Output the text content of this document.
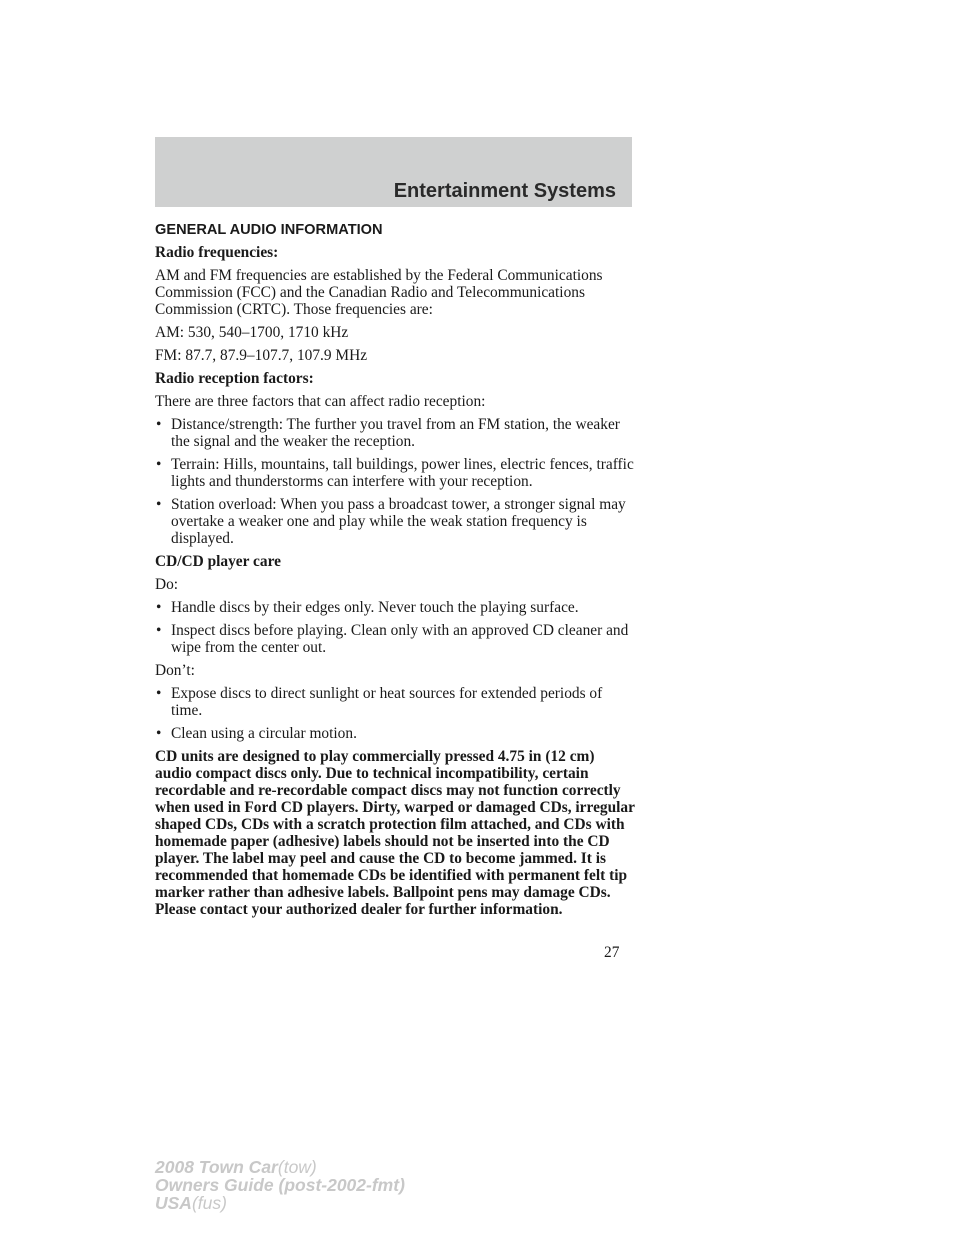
Entertainment Systems
GENERAL AUDIO INFORMATION
Radio frequencies:
AM and FM frequencies are established by the Federal Communications Commission (FCC) and the Canadian Radio and Telecommunications Commission (CRTC). Those frequencies are:
AM: 530, 540–1700, 1710 kHz
FM: 87.7, 87.9–107.7, 107.9 MHz
Radio reception factors:
There are three factors that can affect radio reception:
• Distance/strength: The further you travel from an FM station, the weaker the signal and the weaker the reception.
• Terrain: Hills, mountains, tall buildings, power lines, electric fences, traffic lights and thunderstorms can interfere with your reception.
• Station overload: When you pass a broadcast tower, a stronger signal may overtake a weaker one and play while the weak station frequency is displayed.
CD/CD player care
Do:
• Handle discs by their edges only. Never touch the playing surface.
• Inspect discs before playing. Clean only with an approved CD cleaner and wipe from the center out.
Don’t:
• Expose discs to direct sunlight or heat sources for extended periods of time.
• Clean using a circular motion.

CD units are designed to play commercially pressed 4.75 in (12 cm) audio compact discs only. Due to technical incompatibility, certain recordable and re-recordable compact discs may not function correctly when used in Ford CD players. Dirty, warped or damaged CDs, irregular shaped CDs, CDs with a scratch protection film attached, and CDs with homemade paper (adhesive) labels should not be inserted into the CD player. The label may peel and cause the CD to become jammed. It is recommended that homemade CDs be identified with permanent felt tip marker rather than adhesive labels. Ballpoint pens may damage CDs. Please contact your authorized dealer for further information.

27
2008 Town Car(tow)
Owners Guide (post-2002-fmt)
USA(fus)
